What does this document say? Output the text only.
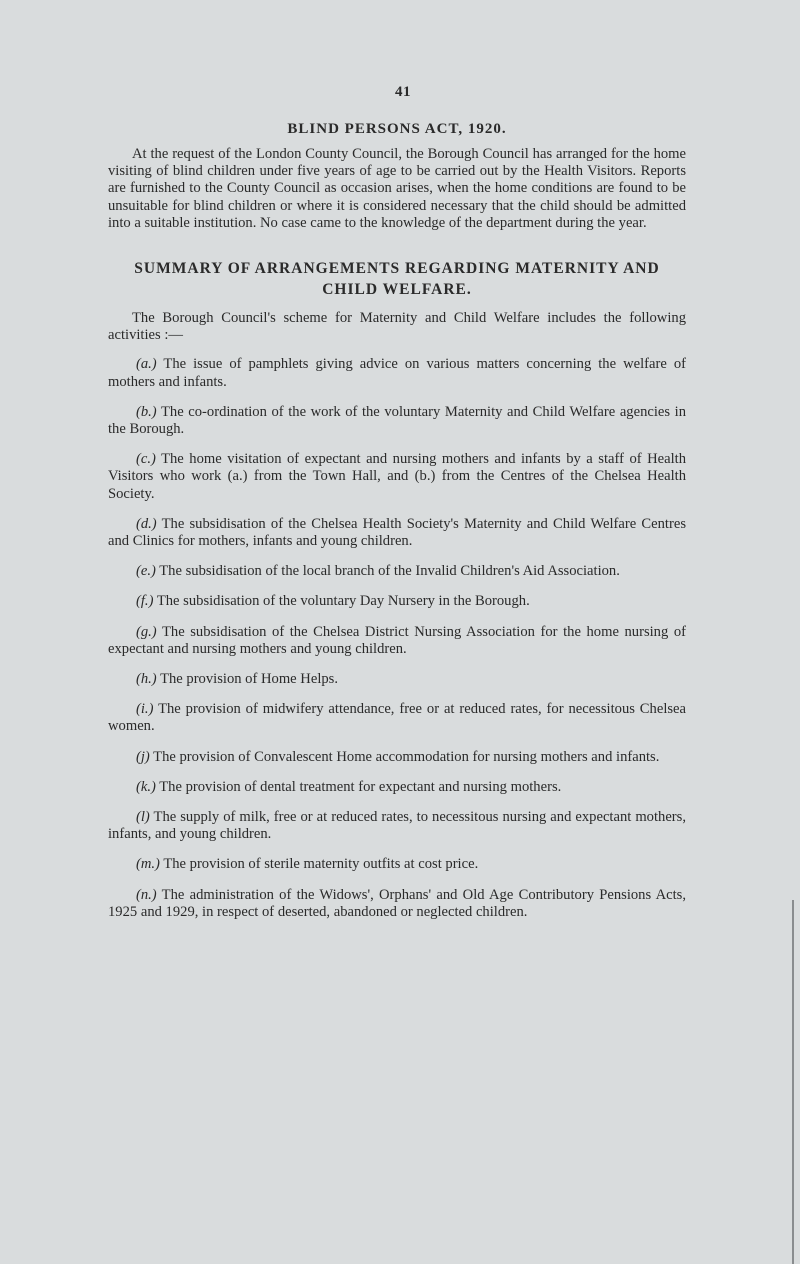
41
BLIND PERSONS ACT, 1920.

At the request of the London County Council, the Borough Council has arranged for the home visiting of blind children under five years of age to be carried out by the Health Visitors. Reports are furnished to the County Council as occasion arises, when the home conditions are found to be unsuitable for blind children or where it is considered necessary that the child should be admitted into a suitable institution. No case came to the knowledge of the department during the year.

SUMMARY OF ARRANGEMENTS REGARDING MATERNITY AND CHILD WELFARE.

The Borough Council's scheme for Maternity and Child Welfare includes the following activities :—

(a.) The issue of pamphlets giving advice on various matters concerning the welfare of mothers and infants.

(b.) The co-ordination of the work of the voluntary Maternity and Child Welfare agencies in the Borough.

(c.) The home visitation of expectant and nursing mothers and infants by a staff of Health Visitors who work (a.) from the Town Hall, and (b.) from the Centres of the Chelsea Health Society.

(d.) The subsidisation of the Chelsea Health Society's Maternity and Child Welfare Centres and Clinics for mothers, infants and young children.

(e.) The subsidisation of the local branch of the Invalid Children's Aid Association.

(f.) The subsidisation of the voluntary Day Nursery in the Borough.

(g.) The subsidisation of the Chelsea District Nursing Association for the home nursing of expectant and nursing mothers and young children.

(h.) The provision of Home Helps.

(i.) The provision of midwifery attendance, free or at reduced rates, for necessitous Chelsea women.

(j) The provision of Convalescent Home accommodation for nursing mothers and infants.

(k.) The provision of dental treatment for expectant and nursing mothers.

(l) The supply of milk, free or at reduced rates, to necessitous nursing and expectant mothers, infants, and young children.

(m.) The provision of sterile maternity outfits at cost price.

(n.) The administration of the Widows', Orphans' and Old Age Contributory Pensions Acts, 1925 and 1929, in respect of deserted, abandoned or neglected children.
